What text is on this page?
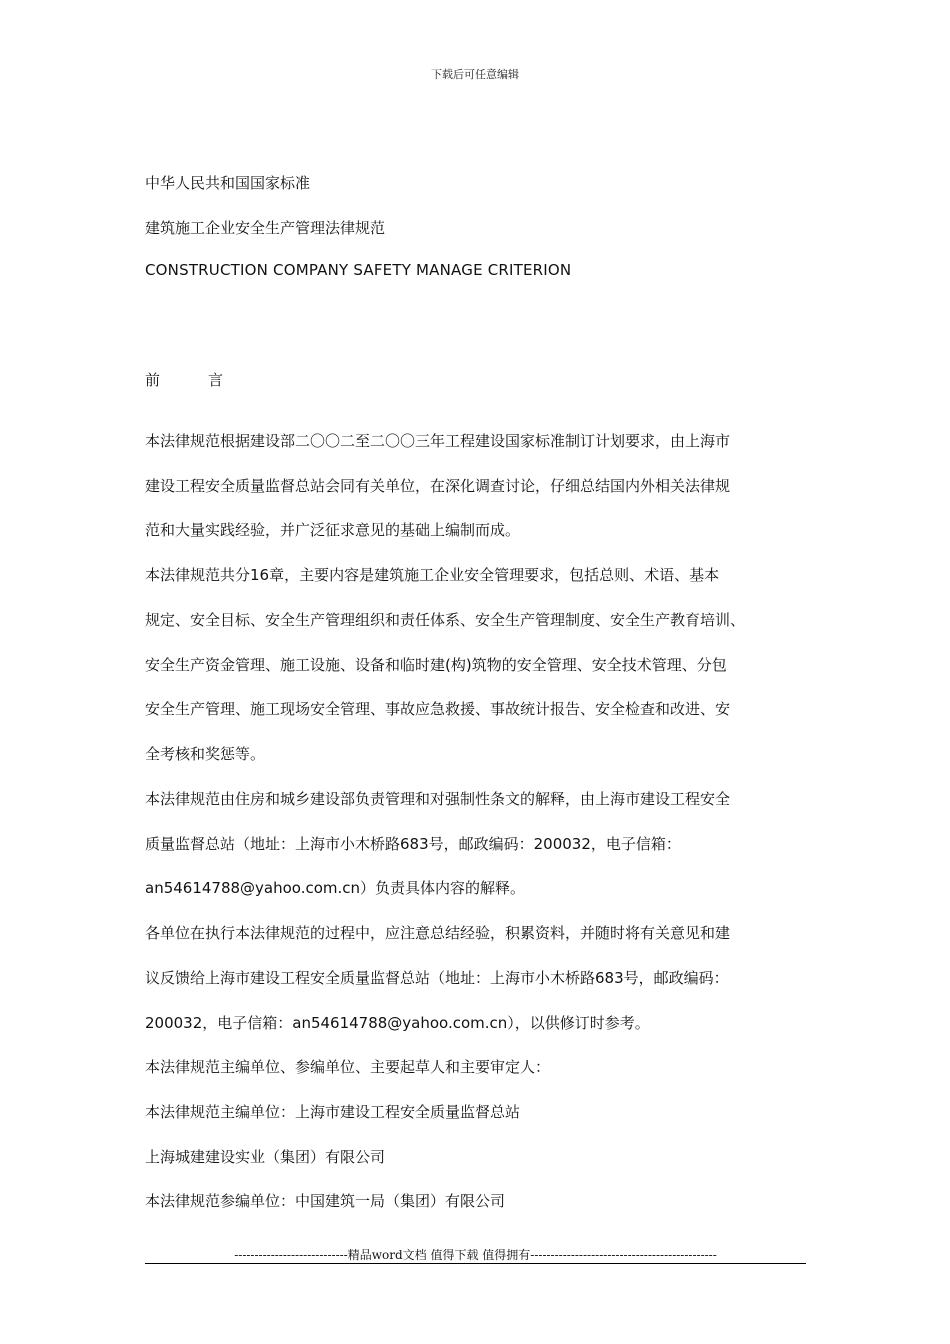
下载后可任意编辑
中华人民共和国国家标准
建筑施工企业安全生产管理法律规范
CONSTRUCTION COMPANY SAFETY MANAGE CRITERION
前	言
本法律规范根据建设部二〇〇二至二〇〇三年工程建设国家标准制订计划要求，由上海市
建设工程安全质量监督总站会同有关单位，在深化调查讨论，仔细总结国内外相关法律规
范和大量实践经验，并广泛征求意见的基础上编制而成。
本法律规范共分16章，主要内容是建筑施工企业安全管理要求，包括总则、术语、基本
规定、安全目标、安全生产管理组织和责任体系、安全生产管理制度、安全生产教育培训、
安全生产资金管理、施工设施、设备和临时建(构)筑物的安全管理、安全技术管理、分包
安全生产管理、施工现场安全管理、事故应急救援、事故统计报告、安全检查和改进、安
全考核和奖惩等。
本法律规范由住房和城乡建设部负责管理和对强制性条文的解释，由上海市建设工程安全
质量监督总站（地址：上海市小木桥路683号，邮政编码：200032，电子信箱：
an54614788@yahoo.com.cn）负责具体内容的解释。
各单位在执行本法律规范的过程中，应注意总结经验，积累资料，并随时将有关意见和建
议反馈给上海市建设工程安全质量监督总站（地址：上海市小木桥路683号，邮政编码：
200032，电子信箱：an54614788@yahoo.com.cn），以供修订时参考。
本法律规范主编单位、参编单位、主要起草人和主要审定人：
本法律规范主编单位：上海市建设工程安全质量监督总站
上海城建建设实业（集团）有限公司
本法律规范参编单位：中国建筑一局（集团）有限公司
----------------------------精品word文档 值得下载 值得拥有----------------------------------------------
